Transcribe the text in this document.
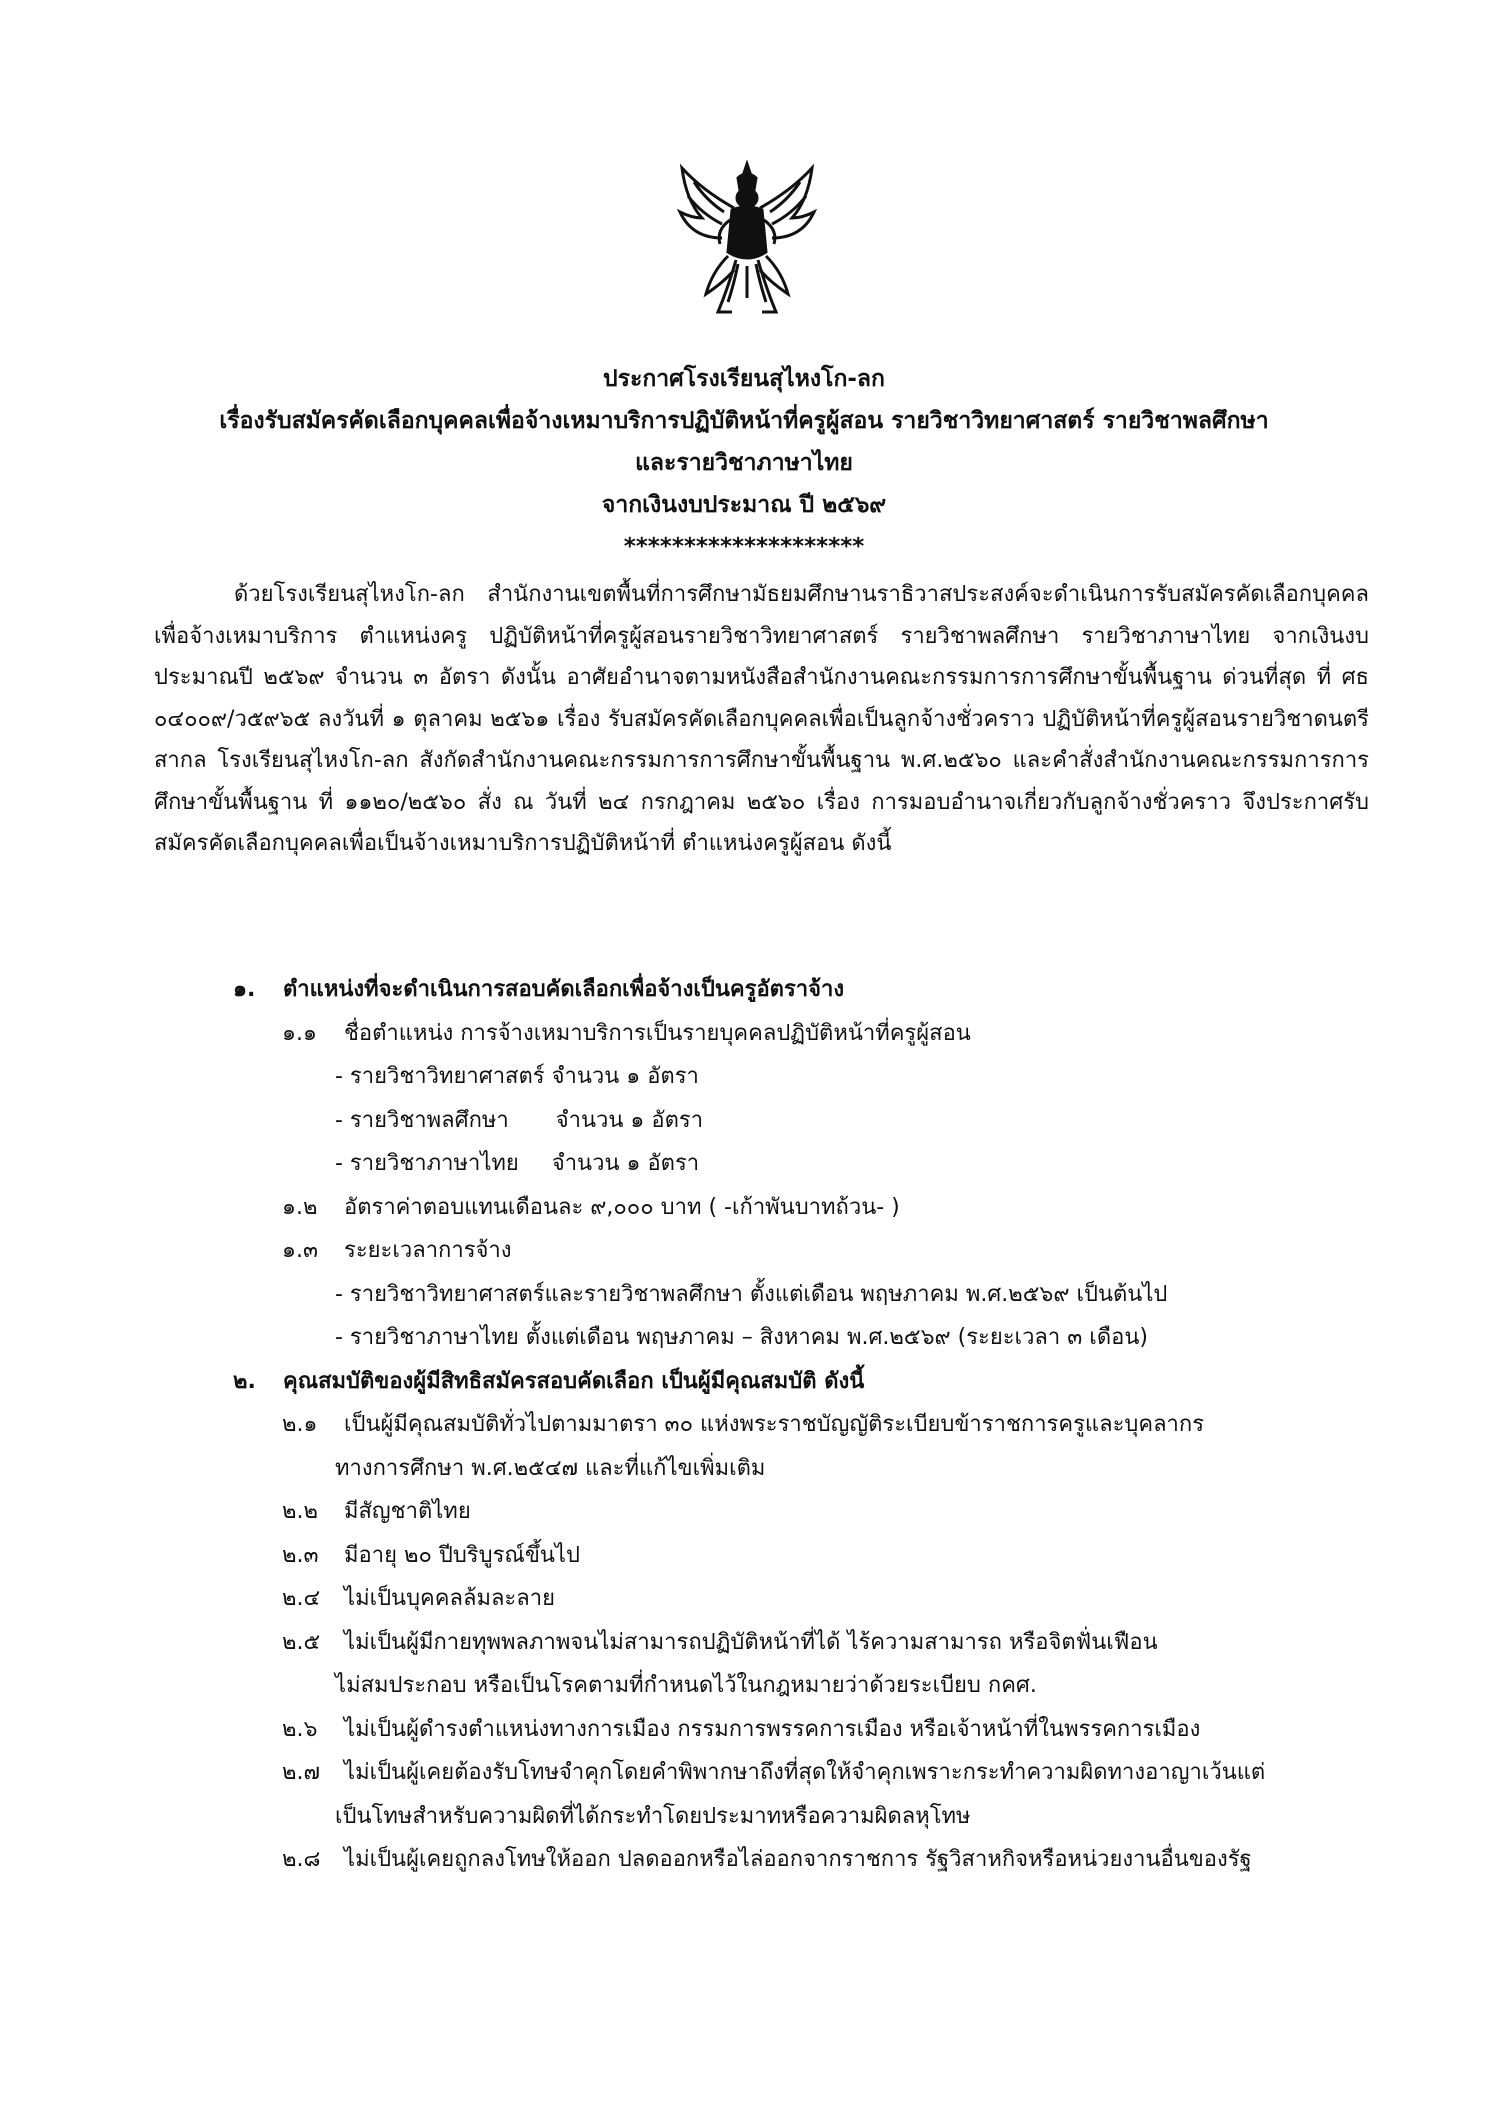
ประกาศโรงเรียนสุไหงโก-ลก
เรื่องรับสมัครคัดเลือกบุคคลเพื่อจ้างเหมาบริการปฏิบัติหน้าที่ครูผู้สอน รายวิชาวิทยาศาสตร์ รายวิชาพลศึกษา
และรายวิชาภาษาไทย
จากเงินงบประมาณ ปี ๒๕๖๙
********************

ด้วยโรงเรียนสุไหงโก-ลก สำนักงานเขตพื้นที่การศึกษามัธยมศึกษานราธิวาสประสงค์จะดำเนินการรับสมัครคัดเลือกบุคคลเพื่อจ้างเหมาบริการ ตำแหน่งครู ปฏิบัติหน้าที่ครูผู้สอนรายวิชาวิทยาศาสตร์ รายวิชาพลศึกษา รายวิชาภาษาไทย จากเงินงบประมาณปี ๒๕๖๙ จำนวน ๓ อัตรา ดังนั้น อาศัยอำนาจตามหนังสือสำนักงานคณะกรรมการการศึกษาขั้นพื้นฐาน ด่วนที่สุด ที่ ศธ ๐๔๐๐๙/ว๕๙๖๕ ลงวันที่ ๑ ตุลาคม ๒๕๖๑ เรื่อง รับสมัครคัดเลือกบุคคลเพื่อเป็นลูกจ้างชั่วคราว ปฏิบัติหน้าที่ครูผู้สอนรายวิชาดนตรีสากล โรงเรียนสุไหงโก-ลก สังกัดสำนักงานคณะกรรมการการศึกษาขั้นพื้นฐาน พ.ศ.๒๕๖๐ และคำสั่งสำนักงานคณะกรรมการการศึกษาขั้นพื้นฐาน ที่ ๑๑๒๐/๒๕๖๐ สั่ง ณ วันที่ ๒๔ กรกฎาคม ๒๕๖๐ เรื่อง การมอบอำนาจเกี่ยวกับลูกจ้างชั่วคราว จึงประกาศรับสมัครคัดเลือกบุคคลเพื่อเป็นจ้างเหมาบริการปฏิบัติหน้าที่ ตำแหน่งครูผู้สอน ดังนี้

๑. ตำแหน่งที่จะดำเนินการสอบคัดเลือกเพื่อจ้างเป็นครูอัตราจ้าง
๑.๑ ชื่อตำแหน่ง การจ้างเหมาบริการเป็นรายบุคคลปฏิบัติหน้าที่ครูผู้สอน
- รายวิชาวิทยาศาสตร์ จำนวน ๑ อัตรา
- รายวิชาพลศึกษา จำนวน ๑ อัตรา
- รายวิชาภาษาไทย จำนวน ๑ อัตรา
๑.๒ อัตราค่าตอบแทนเดือนละ ๙,๐๐๐ บาท ( -เก้าพันบาทถ้วน- )
๑.๓ ระยะเวลาการจ้าง
- รายวิชาวิทยาศาสตร์และรายวิชาพลศึกษา ตั้งแต่เดือน พฤษภาคม พ.ศ.๒๕๖๙ เป็นต้นไป
- รายวิชาภาษาไทย ตั้งแต่เดือน พฤษภาคม – สิงหาคม พ.ศ.๒๕๖๙ (ระยะเวลา ๓ เดือน)
๒. คุณสมบัติของผู้มีสิทธิสมัครสอบคัดเลือก เป็นผู้มีคุณสมบัติ ดังนี้
๒.๑ เป็นผู้มีคุณสมบัติทั่วไปตามมาตรา ๓๐ แห่งพระราชบัญญัติระเบียบข้าราชการครูและบุคลากร
ทางการศึกษา พ.ศ.๒๕๔๗ และที่แก้ไขเพิ่มเติม
๒.๒ มีสัญชาติไทย
๒.๓ มีอายุ ๒๐ ปีบริบูรณ์ขึ้นไป
๒.๔ ไม่เป็นบุคคลล้มละลาย
๒.๕ ไม่เป็นผู้มีกายทุพพลภาพจนไม่สามารถปฏิบัติหน้าที่ได้ ไร้ความสามารถ หรือจิตฟั่นเฟือน
ไม่สมประกอบ หรือเป็นโรคตามที่กำหนดไว้ในกฎหมายว่าด้วยระเบียบ กคศ.
๒.๖ ไม่เป็นผู้ดำรงตำแหน่งทางการเมือง กรรมการพรรคการเมือง หรือเจ้าหน้าที่ในพรรคการเมือง
๒.๗ ไม่เป็นผู้เคยต้องรับโทษจำคุกโดยคำพิพากษาถึงที่สุดให้จำคุกเพราะกระทำความผิดทางอาญาเว้นแต่
เป็นโทษสำหรับความผิดที่ได้กระทำโดยประมาทหรือความผิดลหุโทษ
๒.๘ ไม่เป็นผู้เคยถูกลงโทษให้ออก ปลดออกหรือไล่ออกจากราชการ รัฐวิสาหกิจหรือหน่วยงานอื่นของรัฐ
